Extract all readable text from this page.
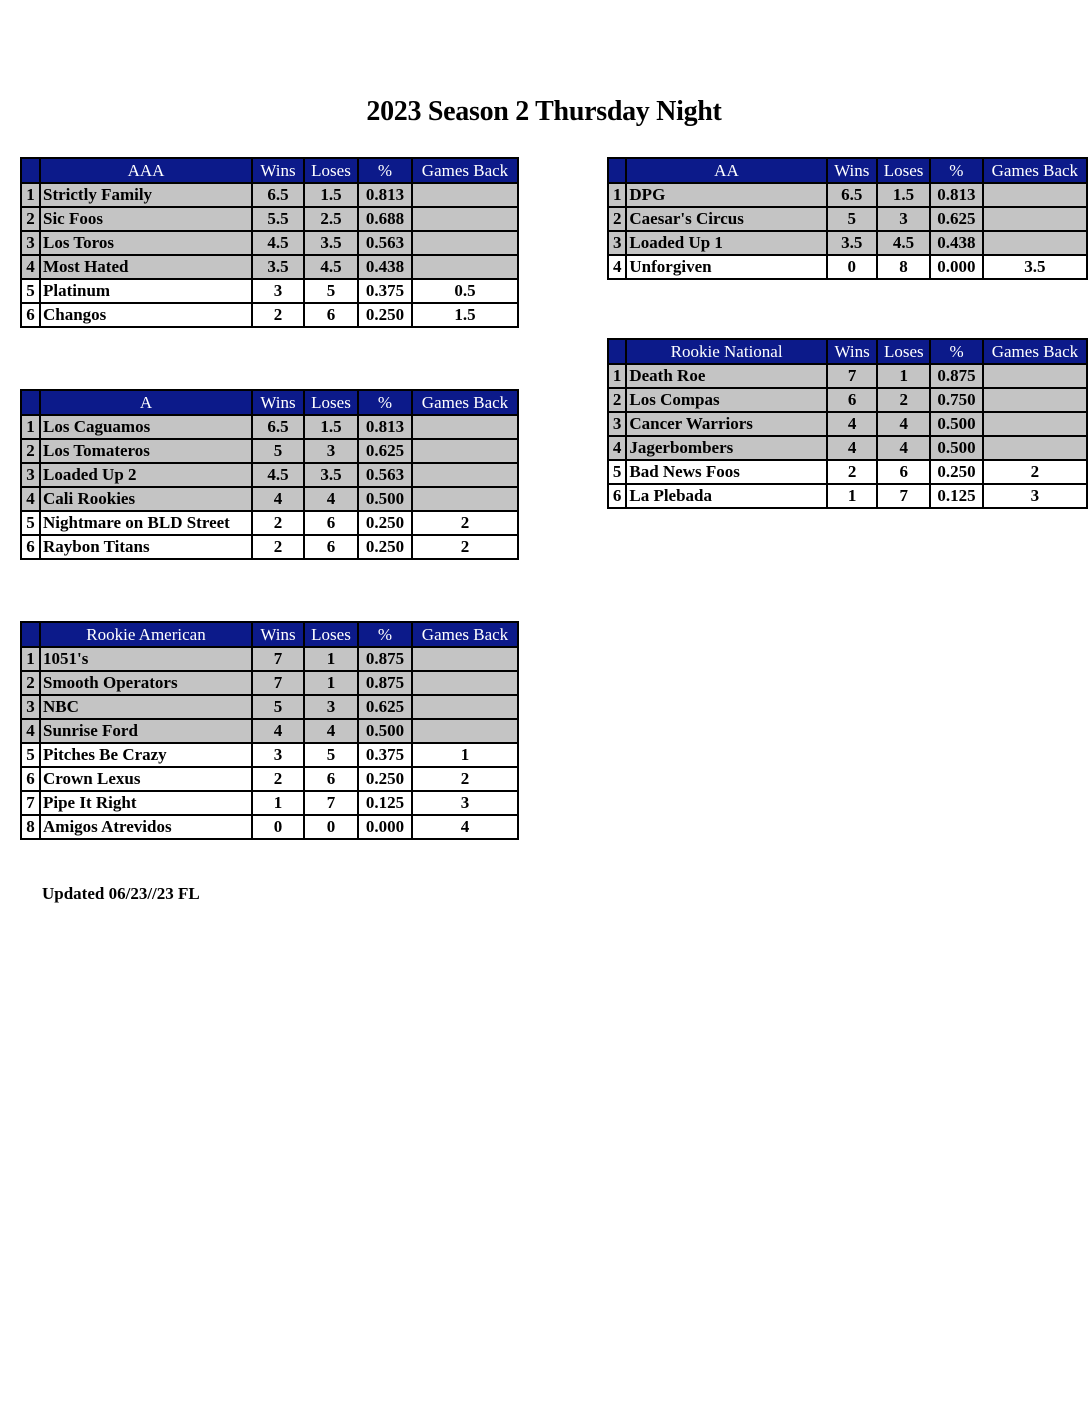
2023 Season 2 Thursday Night
	AAA	Wins	Loses	%	Games Back
1	Strictly Family	6.5	1.5	0.813	
2	Sic Foos	5.5	2.5	0.688	
3	Los Toros	4.5	3.5	0.563	
4	Most Hated	3.5	4.5	0.438	
5	Platinum	3	5	0.375	0.5
6	Changos	2	6	0.250	1.5
	AA	Wins	Loses	%	Games Back
1	DPG	6.5	1.5	0.813	
2	Caesar's Circus	5	3	0.625	
3	Loaded Up 1	3.5	4.5	0.438	
4	Unforgiven	0	8	0.000	3.5
	Rookie National	Wins	Loses	%	Games Back
1	Death Roe	7	1	0.875	
2	Los Compas	6	2	0.750	
3	Cancer Warriors	4	4	0.500	
4	Jagerbombers	4	4	0.500	
5	Bad News Foos	2	6	0.250	2
6	La Plebada	1	7	0.125	3
	A	Wins	Loses	%	Games Back
1	Los Caguamos	6.5	1.5	0.813	
2	Los Tomateros	5	3	0.625	
3	Loaded Up 2	4.5	3.5	0.563	
4	Cali Rookies	4	4	0.500	
5	Nightmare on BLD Street	2	6	0.250	2
6	Raybon Titans	2	6	0.250	2
	Rookie American	Wins	Loses	%	Games Back
1	1051's	7	1	0.875	
2	Smooth Operators	7	1	0.875	
3	NBC	5	3	0.625	
4	Sunrise Ford	4	4	0.500	
5	Pitches Be Crazy	3	5	0.375	1
6	Crown Lexus	2	6	0.250	2
7	Pipe It Right	1	7	0.125	3
8	Amigos Atrevidos	0	0	0.000	4
Updated 06/23//23 FL
